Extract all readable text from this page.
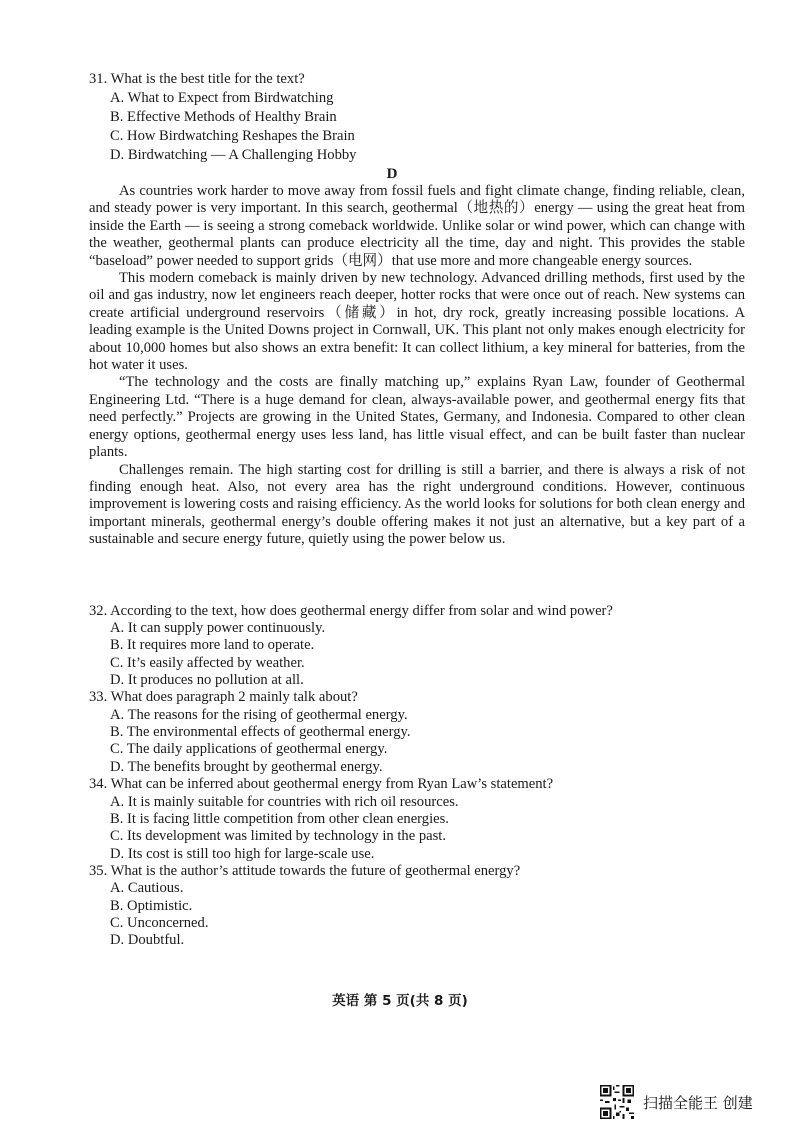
31. What is the best title for the text?
A. What to Expect from Birdwatching
B. Effective Methods of Healthy Brain
C. How Birdwatching Reshapes the Brain
D. Birdwatching — A Challenging Hobby
D

As countries work harder to move away from fossil fuels and fight climate change, finding reliable, clean, and steady power is very important. In this search, geothermal（地热的）energy — using the great heat from inside the Earth — is seeing a strong comeback worldwide. Unlike solar or wind power, which can change with the weather, geothermal plants can produce electricity all the time, day and night. This provides the stable “baseload” power needed to support grids（电网）that use more and more changeable energy sources.

This modern comeback is mainly driven by new technology. Advanced drilling methods, first used by the oil and gas industry, now let engineers reach deeper, hotter rocks that were once out of reach. New systems can create artificial underground reservoirs（储藏）in hot, dry rock, greatly increasing possible locations. A leading example is the United Downs project in Cornwall, UK. This plant not only makes enough electricity for about 10,000 homes but also shows an extra benefit: It can collect lithium, a key mineral for batteries, from the hot water it uses.

“The technology and the costs are finally matching up,” explains Ryan Law, founder of Geothermal Engineering Ltd. “There is a huge demand for clean, always-available power, and geothermal energy fits that need perfectly.” Projects are growing in the United States, Germany, and Indonesia. Compared to other clean energy options, geothermal energy uses less land, has little visual effect, and can be built faster than nuclear plants.

Challenges remain. The high starting cost for drilling is still a barrier, and there is always a risk of not finding enough heat. Also, not every area has the right underground conditions. However, continuous improvement is lowering costs and raising efficiency. As the world looks for solutions for both clean energy and important minerals, geothermal energy’s double offering makes it not just an alternative, but a key part of a sustainable and secure energy future, quietly using the power below us.

32. According to the text, how does geothermal energy differ from solar and wind power?
A. It can supply power continuously.
B. It requires more land to operate.
C. It’s easily affected by weather.
D. It produces no pollution at all.
33. What does paragraph 2 mainly talk about?
A. The reasons for the rising of geothermal energy.
B. The environmental effects of geothermal energy.
C. The daily applications of geothermal energy.
D. The benefits brought by geothermal energy.
34. What can be inferred about geothermal energy from Ryan Law’s statement?
A. It is mainly suitable for countries with rich oil resources.
B. It is facing little competition from other clean energies.
C. Its development was limited by technology in the past.
D. Its cost is still too high for large-scale use.
35. What is the author’s attitude towards the future of geothermal energy?
A. Cautious.
B. Optimistic.
C. Unconcerned.
D. Doubtful.
英语 第 5 页(共 8 页)
扫描全能王 创建
